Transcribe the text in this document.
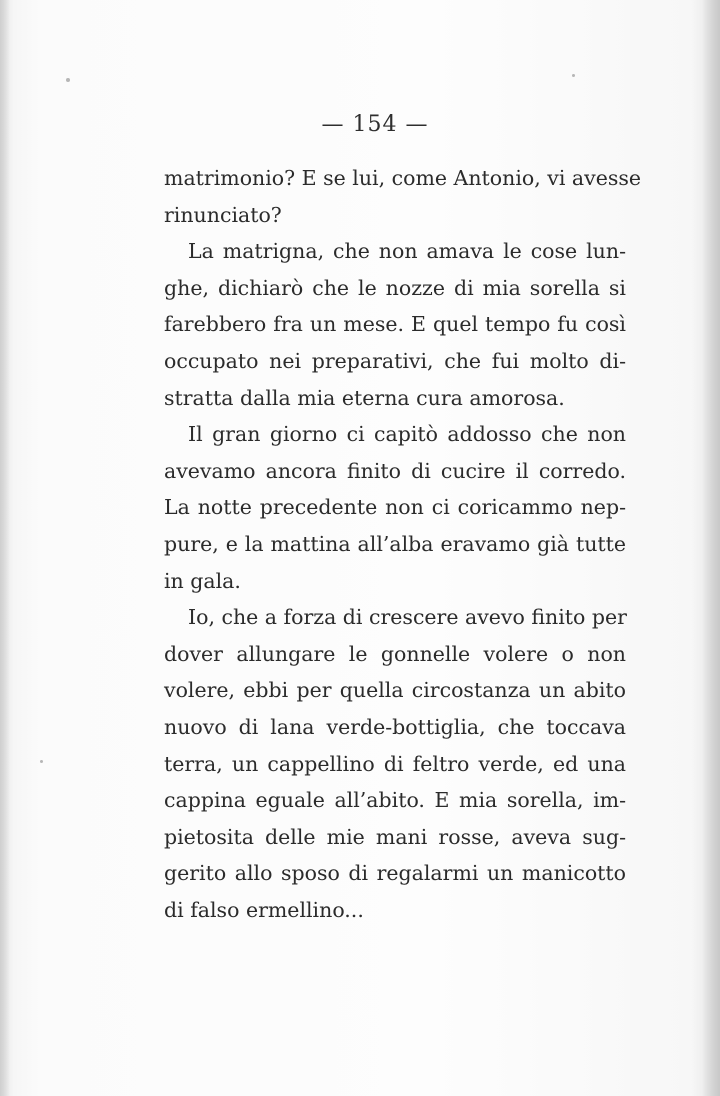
— 154 —
matrimonio? E se lui, come Antonio, vi avesse
rinunciato?
La matrigna, che non amava le cose lun-
ghe, dichiarò che le nozze di mia sorella si
farebbero fra un mese. E quel tempo fu così
occupato nei preparativi, che fui molto di-
stratta dalla mia eterna cura amorosa.
Il gran giorno ci capitò addosso che non
avevamo ancora finito di cucire il corredo.
La notte precedente non ci coricammo nep-
pure, e la mattina all’alba eravamo già tutte
in gala.
Io, che a forza di crescere avevo finito per
dover allungare le gonnelle volere o non
volere, ebbi per quella circostanza un abito
nuovo di lana verde-bottiglia, che toccava
terra, un cappellino di feltro verde, ed una
cappina eguale all’abito. E mia sorella, im-
pietosita delle mie mani rosse, aveva sug-
gerito allo sposo di regalarmi un manicotto
di falso ermellino...
